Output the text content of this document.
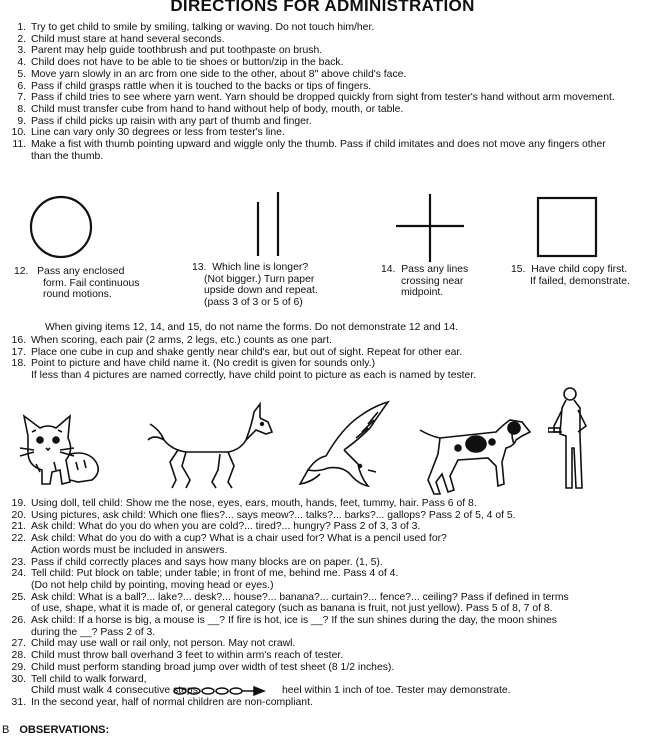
DIRECTIONS FOR ADMINISTRATION
1. Try to get child to smile by smiling, talking or waving. Do not touch him/her.
2. Child must stare at hand several seconds.
3. Parent may help guide toothbrush and put toothpaste on brush.
4. Child does not have to be able to tie shoes or button/zip in the back.
5. Move yarn slowly in an arc from one side to the other, about 8" above child's face.
6. Pass if child grasps rattle when it is touched to the backs or tips of fingers.
7. Pass if child tries to see where yarn went. Yarn should be dropped quickly from sight from tester's hand without arm movement.
8. Child must transfer cube from hand to hand without help of body, mouth, or table.
9. Pass if child picks up raisin with any part of thumb and finger.
10. Line can vary only 30 degrees or less from tester's line.
11. Make a fist with thumb pointing upward and wiggle only the thumb. Pass if child imitates and does not move any fingers other
than the thumb.
12. Pass any enclosed
form. Fail continuous
round motions.
13. Which line is longer?
(Not bigger.) Turn paper
upside down and repeat.
(pass 3 of 3 or 5 of 6)
14. Pass any lines
crossing near
midpoint.
15. Have child copy first.
If failed, demonstrate.
When giving items 12, 14, and 15, do not name the forms. Do not demonstrate 12 and 14.
16. When scoring, each pair (2 arms, 2 legs, etc.) counts as one part.
17. Place one cube in cup and shake gently near child's ear, but out of sight. Repeat for other ear.
18. Point to picture and have child name it. (No credit is given for sounds only.)
If less than 4 pictures are named correctly, have child point to picture as each is named by tester.
19. Using doll, tell child: Show me the nose, eyes, ears, mouth, hands, feet, tummy, hair. Pass 6 of 8.
20. Using pictures, ask child: Which one flies?... says meow?... talks?... barks?... gallops? Pass 2 of 5, 4 of 5.
21. Ask child: What do you do when you are cold?... tired?... hungry? Pass 2 of 3, 3 of 3.
22. Ask child: What do you do with a cup? What is a chair used for? What is a pencil used for?
Action words must be included in answers.
23. Pass if child correctly places and says how many blocks are on paper. (1, 5).
24. Tell child: Put block on table; under table; in front of me, behind me. Pass 4 of 4.
(Do not help child by pointing, moving head or eyes.)
25. Ask child: What is a ball?... lake?... desk?... house?... banana?... curtain?... fence?... ceiling? Pass if defined in terms
of use, shape, what it is made of, or general category (such as banana is fruit, not just yellow). Pass 5 of 8, 7 of 8.
26. Ask child: If a horse is big, a mouse is __? If fire is hot, ice is __? If the sun shines during the day, the moon shines
during the __? Pass 2 of 3.
27. Child may use wall or rail only, not person. May not crawl.
28. Child must throw ball overhand 3 feet to within arm's reach of tester.
29. Child must perform standing broad jump over width of test sheet (8 1/2 inches).
30. Tell child to walk forward,
Child must walk 4 consecutive steps.
31. In the second year, half of normal children are non-compliant.
heel within 1 inch of toe. Tester may demonstrate.
B OBSERVATIONS:
